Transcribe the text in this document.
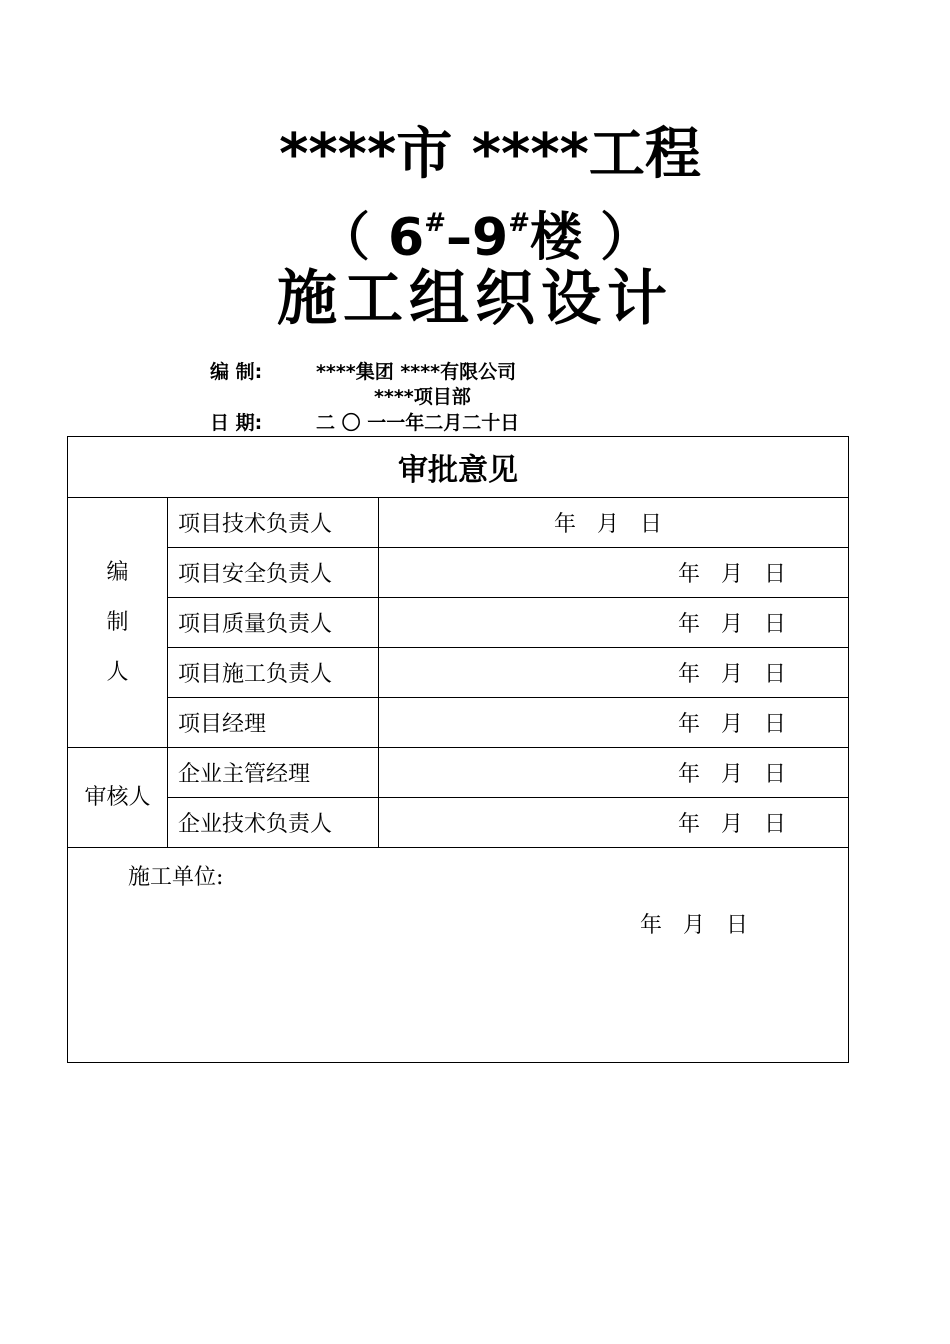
****市 ****工程
（ 6#–9#楼 ）
施工组织设计
编 制:	****集团 ****有限公司
****项目部
日 期:	二 〇 一一年二月二十日
审批意见		

编
制
人	项目技术负责人	年   月   日
	项目安全负责人	年   月   日
	项目质量负责人	年   月   日
	项目施工负责人	年   月   日
	项目经理	年   月   日
审核人	企业主管经理	年   月   日
	企业技术负责人	年   月   日

施工单位:
年   月   日		
